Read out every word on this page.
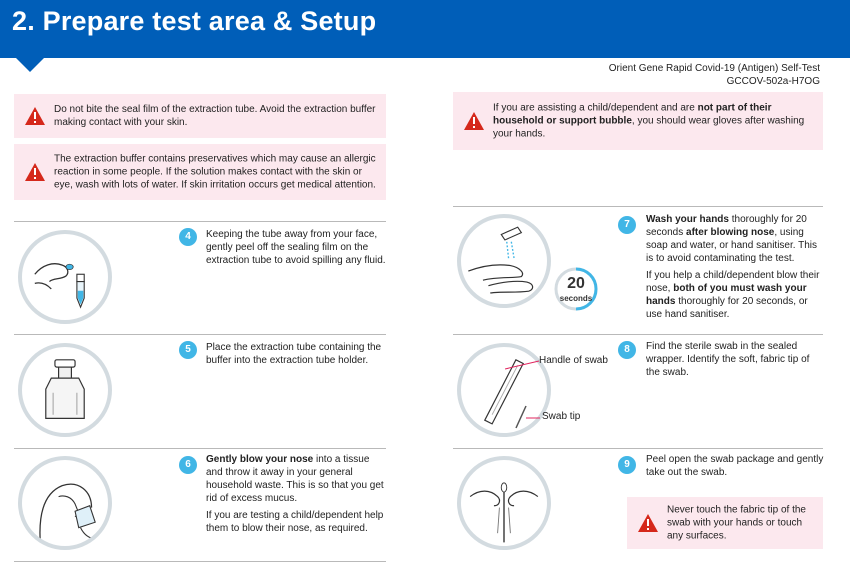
2. Prepare test area & Setup
Orient Gene Rapid Covid-19 (Antigen) Self-Test
GCCOV-502a-H7OG
Do not bite the seal film of the extraction tube. Avoid the extraction buffer making contact with your skin.
The extraction buffer contains preservatives which may cause an allergic reaction in some people. If the solution makes contact with the skin or eye, wash with lots of water. If skin irritation occurs get medical attention.
If you are assisting a child/dependent and are not part of their household or support bubble, you should wear gloves after washing your hands.
Never touch the fabric tip of the swab with your hands or touch any surfaces.
4	Keeping the tube away from your face, gently peel off the sealing film on the extraction tube to avoid spilling any fluid.
5	Place the extraction tube containing the buffer into the extraction tube holder.
6	Gently blow your nose into a tissue and throw it away in your general household waste. This is so that you get rid of excess mucus.

If you are testing a child/dependent help them to blow their nose, as required.

20
seconds
7	Wash your hands thoroughly for 20 seconds after blowing nose, using soap and water, or hand sanitiser. This is to avoid contaminating the test.

If you help a child/dependent blow their nose, both of you must wash your hands thoroughly for 20 seconds, or use hand sanitiser.

Handle of swab
Swab tip
8	Find the sterile swab in the sealed wrapper. Identify the soft, fabric tip of the swab.
9	Peel open the swab package and gently take out the swab.
